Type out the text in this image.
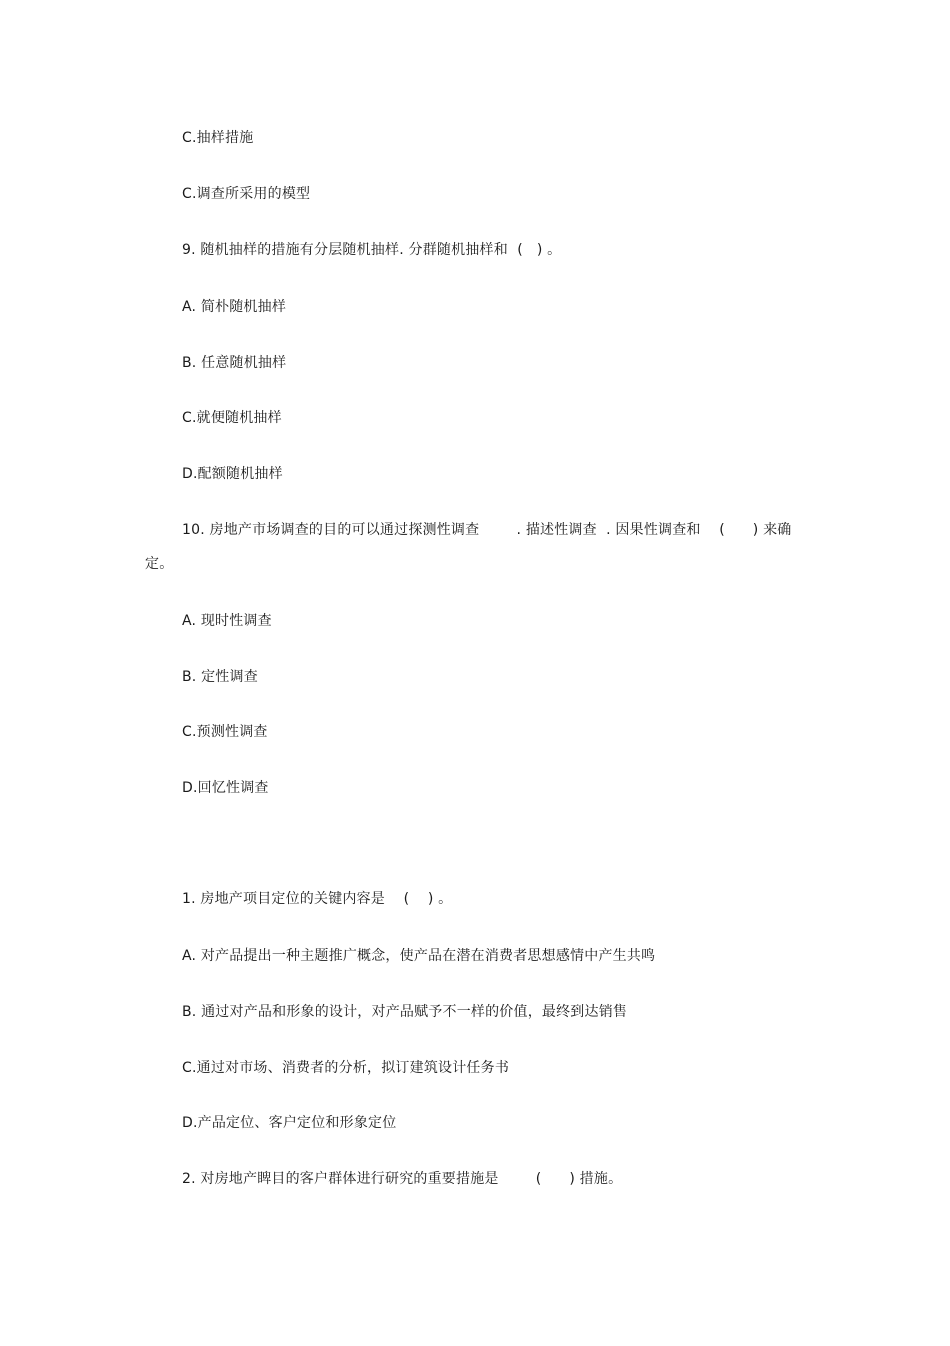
C.抽样措施
C.调查所采用的模型
9. 随机抽样的措施有分层随机抽样. 分群随机抽样和  (   ) 。
A. 简朴随机抽样
B. 任意随机抽样
C.就便随机抽样
D.配额随机抽样
10. 房地产市场调查的目的可以通过探测性调查        . 描述性调查  . 因果性调查和    (      ) 来确
定。
A. 现时性调查
B. 定性调查
C.预测性调查
D.回忆性调查
1. 房地产项目定位的关键内容是    (    ) 。
A. 对产品提出一种主题推广概念，使产品在潜在消费者思想感情中产生共鸣
B. 通过对产品和形象的设计，对产品赋予不一样的价值，最终到达销售
C.通过对市场、消费者的分析，拟订建筑设计任务书
D.产品定位、客户定位和形象定位
2. 对房地产睥目的客户群体进行研究的重要措施是        (      ) 措施。
